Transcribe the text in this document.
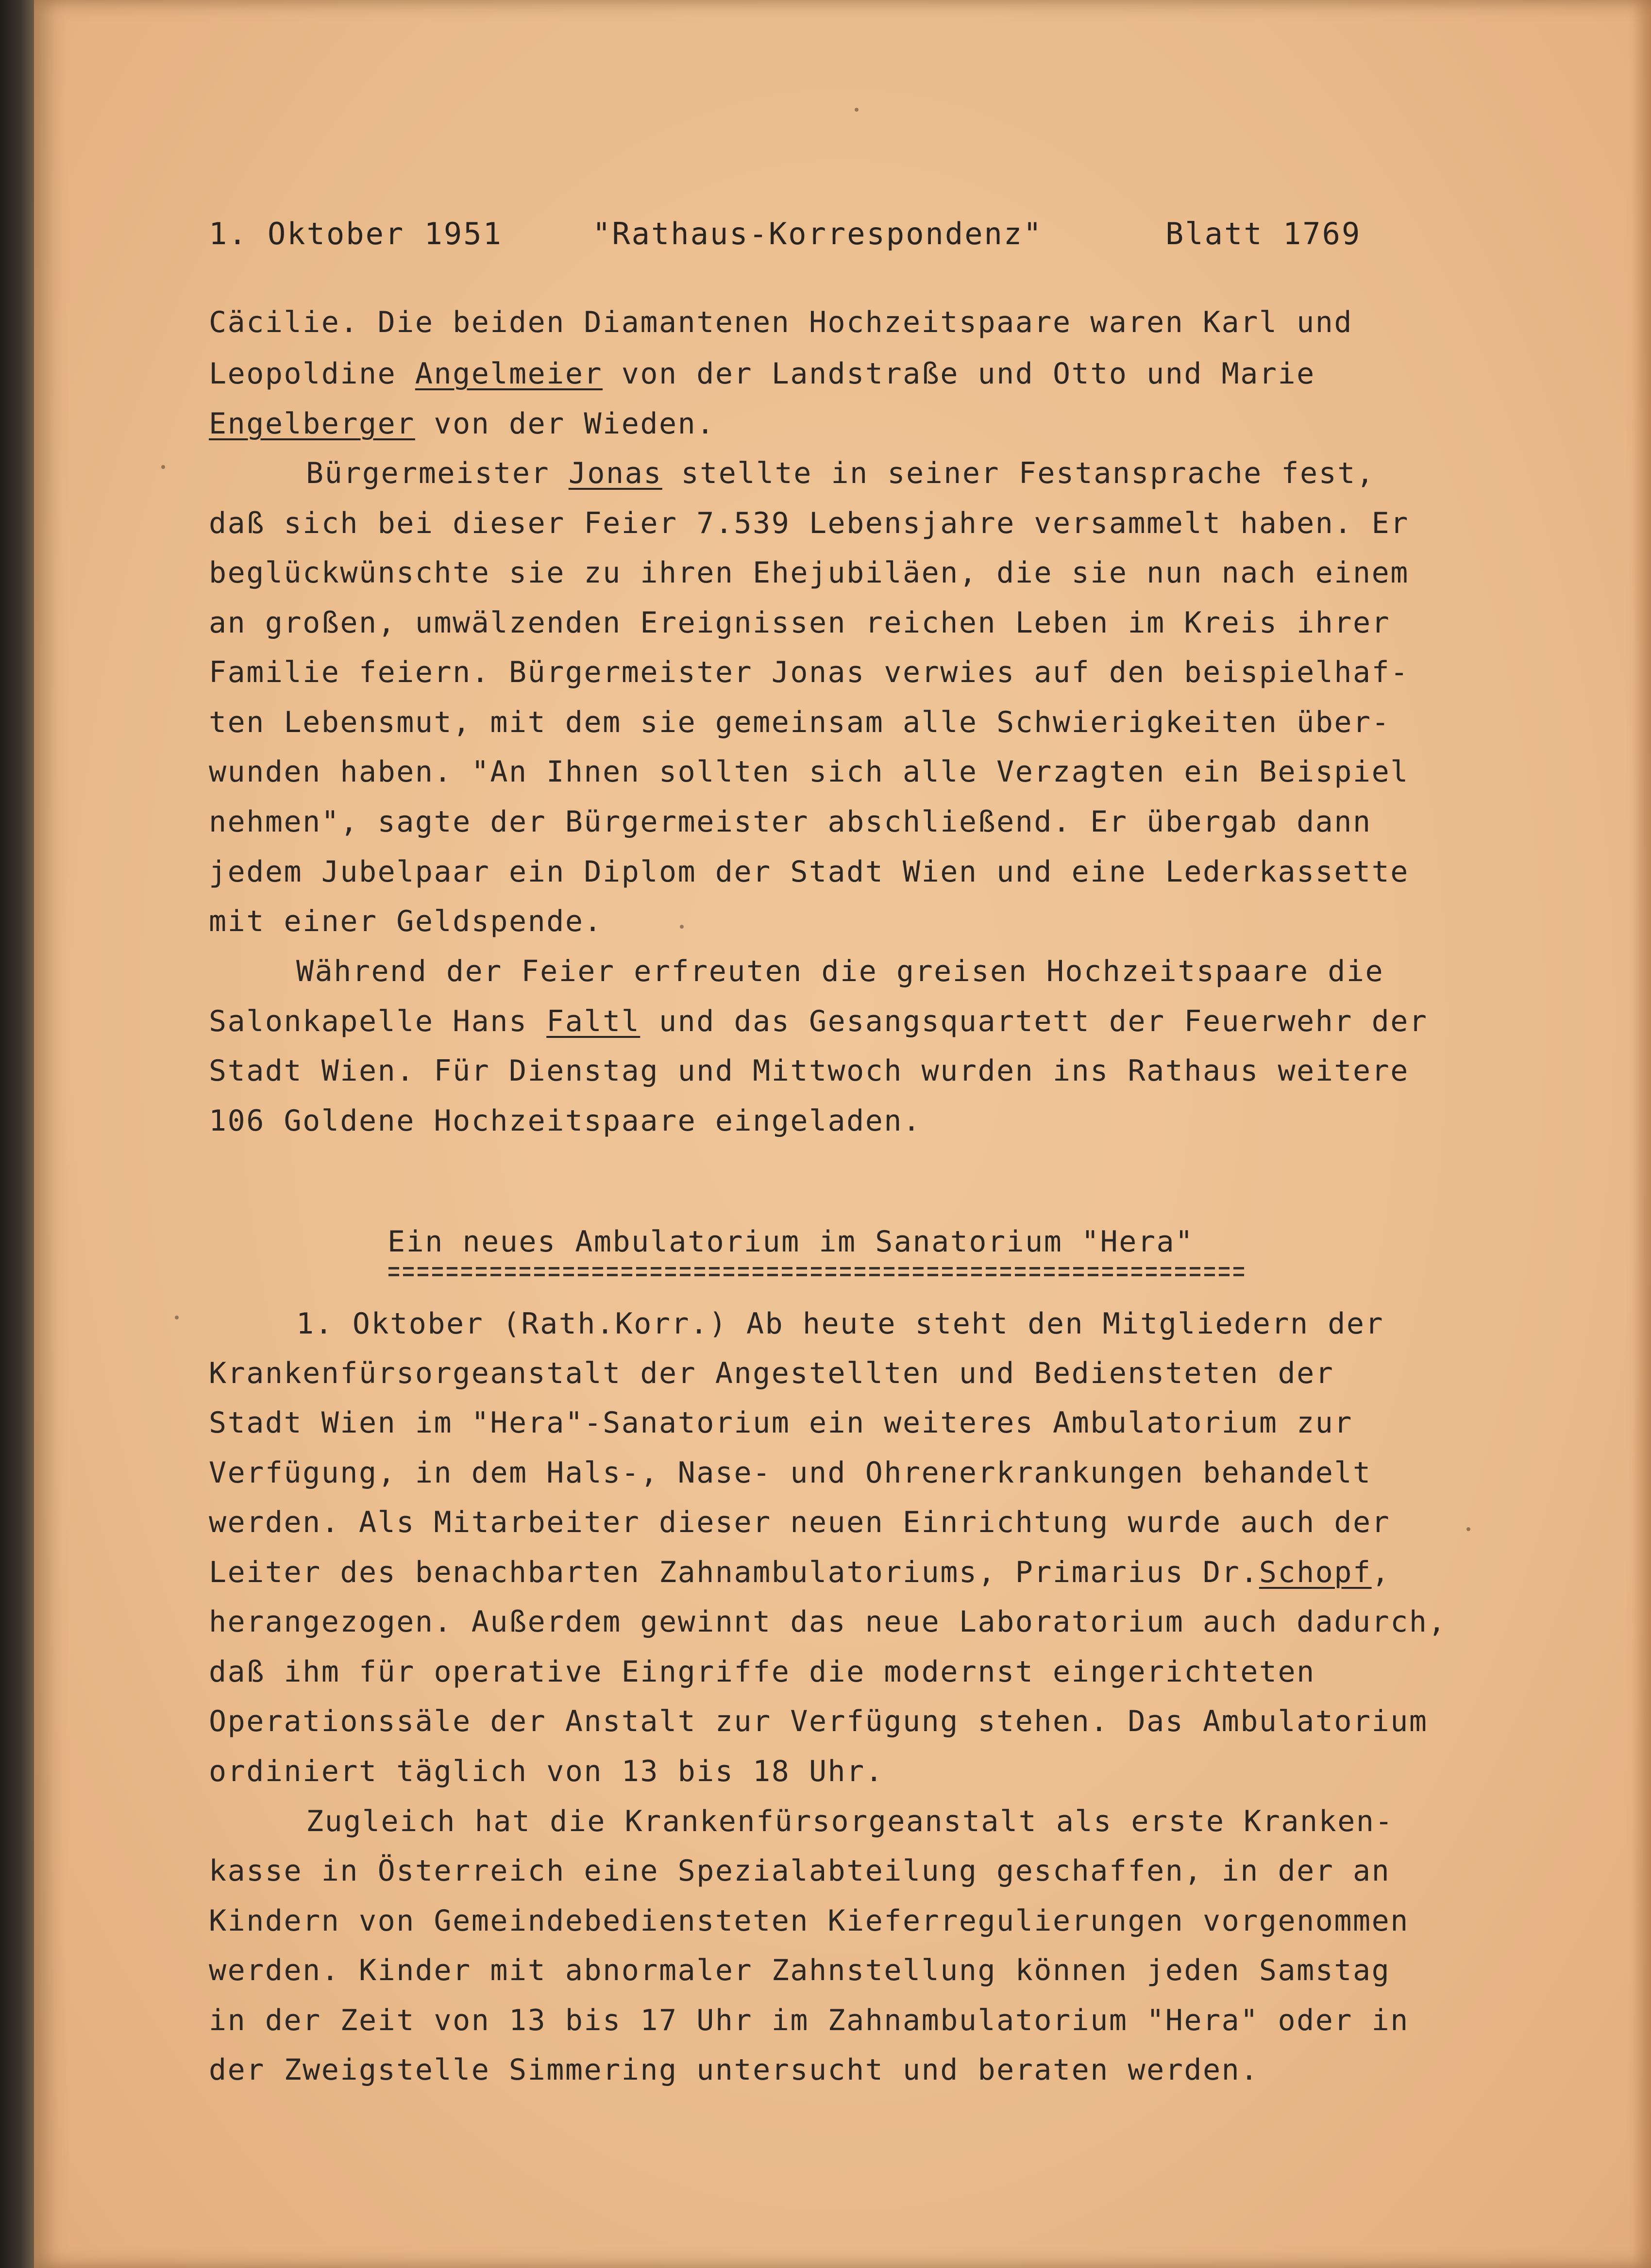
1. Oktober 1951	"Rathaus-Korrespondenz"	Blatt 1769
Cäcilie. Die beiden Diamantenen Hochzeitspaare waren Karl und
Leopoldine Angelmeier von der Landstraße und Otto und Marie
Engelberger von der Wieden.
Bürgermeister Jonas stellte in seiner Festansprache fest,
daß sich bei dieser Feier 7.539 Lebensjahre versammelt haben. Er
beglückwünschte sie zu ihren Ehejubiläen, die sie nun nach einem
an großen, umwälzenden Ereignissen reichen Leben im Kreis ihrer
Familie feiern. Bürgermeister Jonas verwies auf den beispielhaf-
ten Lebensmut, mit dem sie gemeinsam alle Schwierigkeiten über-
wunden haben. "An Ihnen sollten sich alle Verzagten ein Beispiel
nehmen", sagte der Bürgermeister abschließend. Er übergab dann
jedem Jubelpaar ein Diplom der Stadt Wien und eine Lederkassette
mit einer Geldspende.
Während der Feier erfreuten die greisen Hochzeitspaare die
Salonkapelle Hans Faltl und das Gesangsquartett der Feuerwehr der
Stadt Wien. Für Dienstag und Mittwoch wurden ins Rathaus weitere
106 Goldene Hochzeitspaare eingeladen.
Ein neues Ambulatorium im Sanatorium "Hera"
1. Oktober (Rath.Korr.) Ab heute steht den Mitgliedern der
Krankenfürsorgeanstalt der Angestellten und Bediensteten der
Stadt Wien im "Hera"-Sanatorium ein weiteres Ambulatorium zur
Verfügung, in dem Hals-, Nase- und Ohrenerkrankungen behandelt
werden. Als Mitarbeiter dieser neuen Einrichtung wurde auch der
Leiter des benachbarten Zahnambulatoriums, Primarius Dr.Schopf,
herangezogen. Außerdem gewinnt das neue Laboratorium auch dadurch,
daß ihm für operative Eingriffe die modernst eingerichteten
Operationssäle der Anstalt zur Verfügung stehen. Das Ambulatorium
ordiniert täglich von 13 bis 18 Uhr.
Zugleich hat die Krankenfürsorgeanstalt als erste Kranken-
kasse in Österreich eine Spezialabteilung geschaffen, in der an
Kindern von Gemeindebediensteten Kieferregulierungen vorgenommen
werden. Kinder mit abnormaler Zahnstellung können jeden Samstag
in der Zeit von 13 bis 17 Uhr im Zahnambulatorium "Hera" oder in
der Zweigstelle Simmering untersucht und beraten werden.
